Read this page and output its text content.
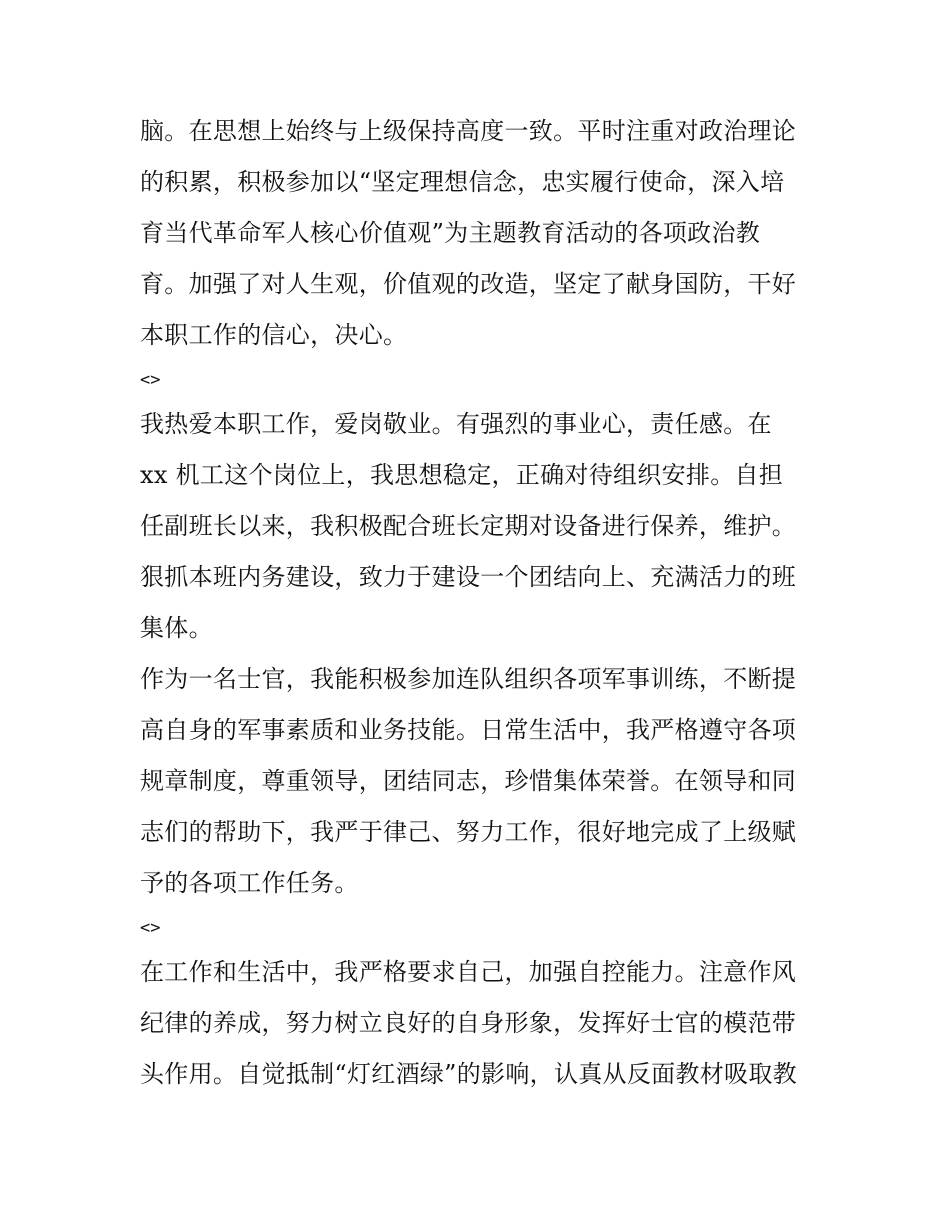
脑。在思想上始终与上级保持高度一致。平时注重对政治理论
的积累，积极参加以“坚定理想信念，忠实履行使命，深入培
育当代革命军人核心价值观”为主题教育活动的各项政治教
育。加强了对人生观，价值观的改造，坚定了献身国防，干好
本职工作的信心，决心。
<>
我热爱本职工作，爱岗敬业。有强烈的事业心，责任感。在
xx 机工这个岗位上，我思想稳定，正确对待组织安排。自担
任副班长以来，我积极配合班长定期对设备进行保养，维护。
狠抓本班内务建设，致力于建设一个团结向上、充满活力的班
集体。
作为一名士官，我能积极参加连队组织各项军事训练，不断提
高自身的军事素质和业务技能。日常生活中，我严格遵守各项
规章制度，尊重领导，团结同志，珍惜集体荣誉。在领导和同
志们的帮助下，我严于律己、努力工作，很好地完成了上级赋
予的各项工作任务。
<>
在工作和生活中，我严格要求自己，加强自控能力。注意作风
纪律的养成，努力树立良好的自身形象，发挥好士官的模范带
头作用。自觉抵制“灯红酒绿”的影响，认真从反面教材吸取教
